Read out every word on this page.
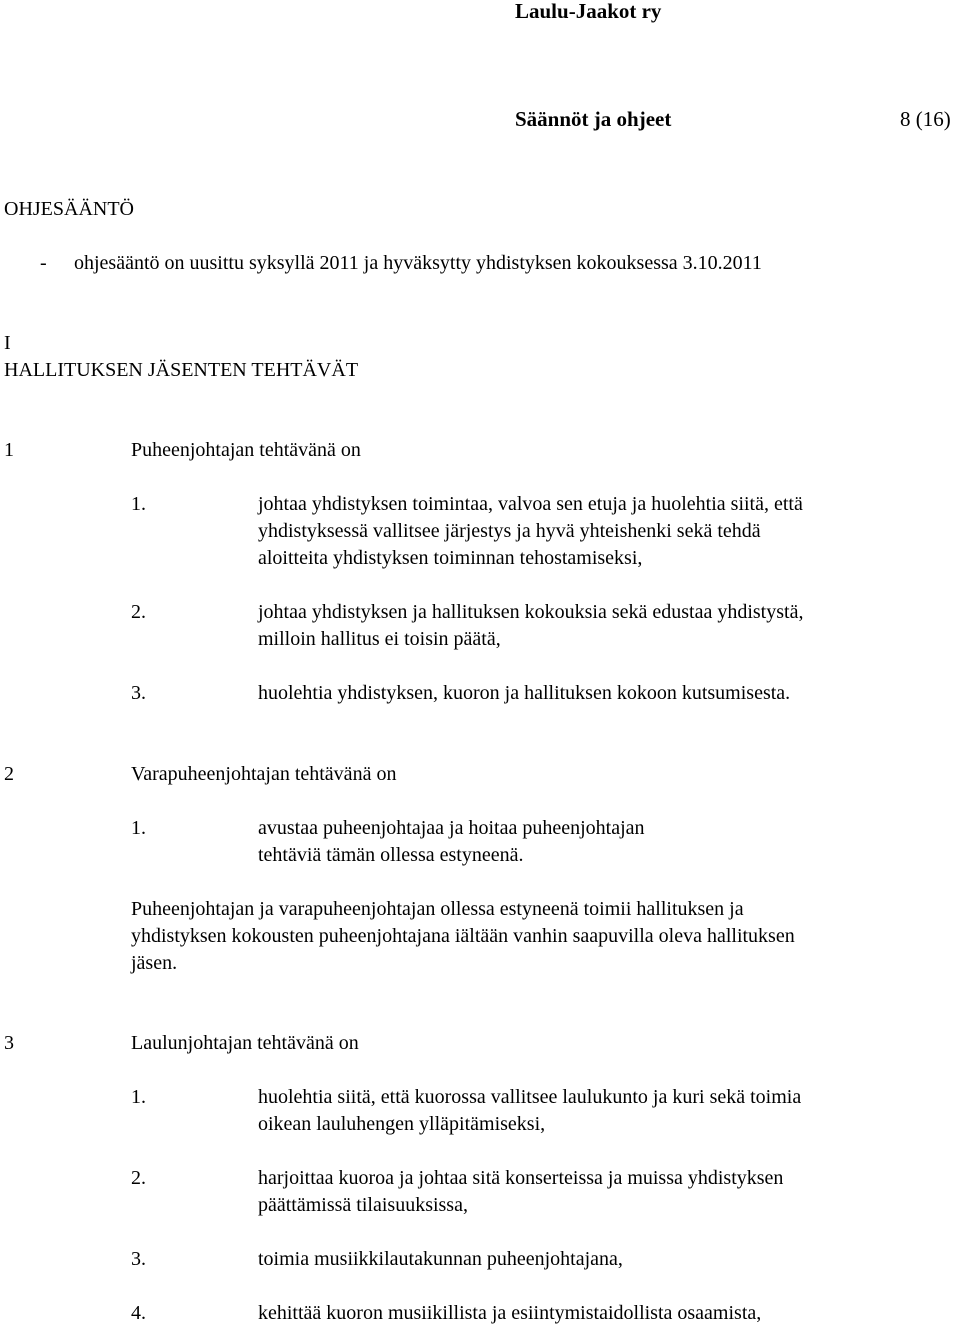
Laulu-Jaakot ry
Säännöt ja ohjeet	8 (16)
OHJESÄÄNTÖ
- ohjesääntö on uusittu syksyllä 2011 ja hyväksytty yhdistyksen kokouksessa 3.10.2011
I
HALLITUKSEN JÄSENTEN TEHTÄVÄT
1	Puheenjohtajan tehtävänä on
1.	johtaa yhdistyksen toimintaa, valvoa sen etuja ja huolehtia siitä, että
yhdistyksessä vallitsee järjestys ja hyvä yhteishenki sekä tehdä
aloitteita yhdistyksen toiminnan tehostamiseksi,
2.	johtaa yhdistyksen ja hallituksen kokouksia sekä edustaa yhdistystä,
milloin hallitus ei toisin päätä,
3.	huolehtia yhdistyksen, kuoron ja hallituksen kokoon kutsumisesta.
2	Varapuheenjohtajan tehtävänä on
1.	avustaa puheenjohtajaa ja hoitaa puheenjohtajan
tehtäviä tämän ollessa estyneenä.
Puheenjohtajan ja varapuheenjohtajan ollessa estyneenä toimii hallituksen ja
yhdistyksen kokousten puheenjohtajana iältään vanhin saapuvilla oleva hallituksen
jäsen.
3	Laulunjohtajan tehtävänä on
1.	huolehtia siitä, että kuorossa vallitsee laulukunto ja kuri sekä toimia
oikean lauluhengen ylläpitämiseksi,
2.	harjoittaa kuoroa ja johtaa sitä konserteissa ja muissa yhdistyksen
päättämissä tilaisuuksissa,
3.	toimia musiikkilautakunnan puheenjohtajana,
4.	kehittää kuoron musiikillista ja esiintymistaidollista osaamista,
